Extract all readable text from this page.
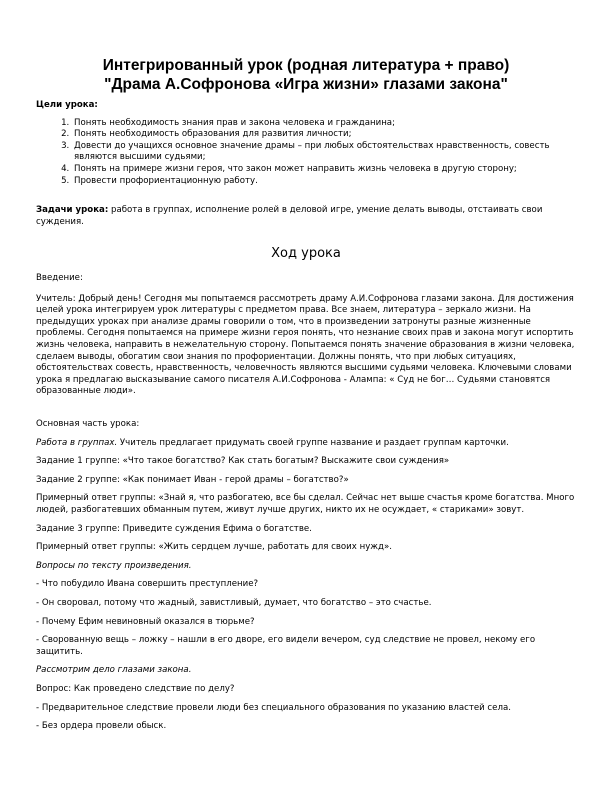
Интегрированный урок (родная литература + право)
"Драма А.Софронова «Игра жизни» глазами закона"
Цели урока:
1. Понять необходимость знания прав и закона человека и гражданина;
2. Понять необходимость образования для развития личности;
3. Довести до учащихся основное значение драмы – при любых обстоятельствах нравственность, совесть являются высшими судьями;
4. Понять на примере жизни героя, что закон может направить жизнь человека в другую сторону;
5. Провести профориентационную работу.
Задачи урока: работа в группах, исполнение ролей в деловой игре, умение делать выводы, отстаивать свои суждения.
Ход урока

Введение:

Учитель: Добрый день! Сегодня мы попытаемся рассмотреть драму А.И.Софронова глазами закона. Для достижения целей урока интегрируем урок литературы с предметом права. Все знаем, литература – зеркало жизни. На предыдущих уроках при анализе драмы говорили о том, что в произведении затронуты разные жизненные проблемы. Сегодня попытаемся на примере жизни героя понять, что незнание своих прав и закона могут испортить жизнь человека, направить в нежелательную сторону. Попытаемся понять значение образования в жизни человека, сделаем выводы, обогатим свои знания по профориентации. Должны понять, что при любых ситуациях, обстоятельствах совесть, нравственность, человечность являются высшими судьями человека. Ключевыми словами урока я предлагаю высказывание самого писателя А.И.Софронова - Алампа: « Суд не бог… Судьями становятся образованные люди».

Основная часть урока:

Работа в группах. Учитель предлагает придумать своей группе название и раздает группам карточки.

Задание 1 группе: «Что такое богатство? Как стать богатым? Выскажите свои суждения»

Задание 2 группе: «Как понимает Иван - герой драмы – богатство?»

Примерный ответ группы: «Знай я, что разбогатею, все бы сделал. Сейчас нет выше счастья кроме богатства. Много людей, разбогатевших обманным путем, живут лучше других, никто их не осуждает, « стариками» зовут.

Задание 3 группе: Приведите суждения Ефима о богатстве.

Примерный ответ группы: «Жить сердцем лучше, работать для своих нужд».

Вопросы по тексту произведения.

- Что побудило Ивана совершить преступление?

- Он своровал, потому что жадный, завистливый, думает, что богатство – это счастье.

- Почему Ефим невиновный оказался в тюрьме?

- Сворованную вещь – ложку – нашли в его дворе, его видели вечером, суд следствие не провел, некому его защитить.

Рассмотрим дело глазами закона.

Вопрос: Как проведено следствие по делу?

- Предварительное следствие провели люди без специального образования по указанию властей села.

- Без ордера провели обыск.
